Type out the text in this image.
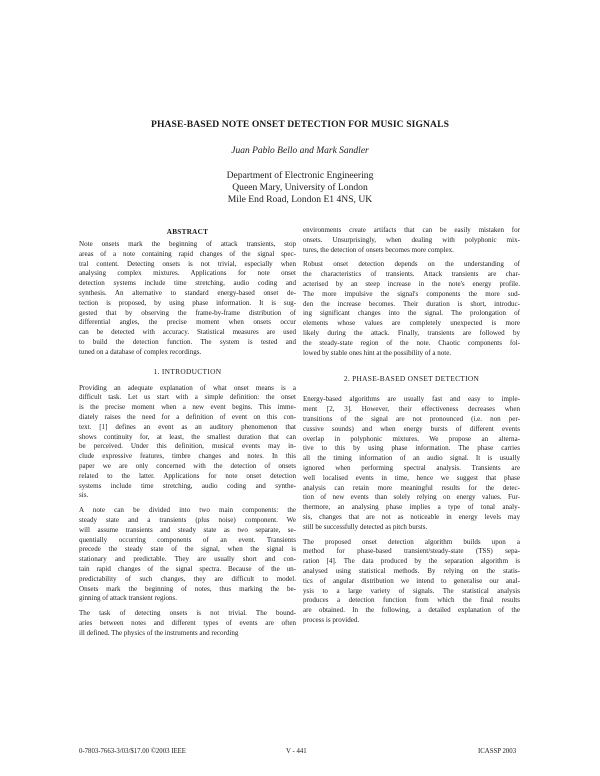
PHASE-BASED NOTE ONSET DETECTION FOR MUSIC SIGNALS
Juan Pablo Bello and Mark Sandler
Department of Electronic Engineering
Queen Mary, University of London
Mile End Road, London E1 4NS, UK
ABSTRACT

Note onsets mark the beginning of attack transients, stop
areas of a note containing rapid changes of the signal spec-
tral content. Detecting onsets is not trivial, especially when
analysing complex mixtures. Applications for note onset
detection systems include time stretching, audio coding and
synthesis. An alternative to standard energy-based onset de-
tection is proposed, by using phase information. It is sug-
gested that by observing the frame-by-frame distribution of
differential angles, the precise moment when onsets occur
can be detected with accuracy. Statistical measures are used
to build the detection function. The system is tested and
tuned on a database of complex recordings.

1. INTRODUCTION

Providing an adequate explanation of what onset means is a
difficult task. Let us start with a simple definition: the onset
is the precise moment when a new event begins. This imme-
diately raises the need for a definition of event on this con-
text. [1] defines an event as an auditory phenomenon that
shows continuity for, at least, the smallest duration that can
be perceived. Under this definition, musical events may in-
clude expressive features, timbre changes and notes. In this
paper we are only concerned with the detection of onsets
related to the latter. Applications for note onset detection
systems include time stretching, audio coding and synthe-
sis.

A note can be divided into two main components: the
steady state and a transients (plus noise) component. We
will assume transients and steady state as two separate, se-
quentially occurring components of an event. Transients
precede the steady state of the signal, when the signal is
stationary and predictable. They are usually short and con-
tain rapid changes of the signal spectra. Because of the un-
predictability of such changes, they are difficult to model.
Onsets mark the beginning of notes, thus marking the be-
ginning of attack transient regions.

The task of detecting onsets is not trivial. The bound-
aries between notes and different types of events are often
ill defined. The physics of the instruments and recording

environments create artifacts that can be easily mistaken for
onsets. Unsurprisingly, when dealing with polyphonic mix-
tures, the detection of onsets becomes more complex.

Robust onset detection depends on the understanding of
the characteristics of transients. Attack transients are char-
acterised by an steep increase in the note's energy profile.
The more impulsive the signal's components the more sud-
den the increase becomes. Their duration is short, introduc-
ing significant changes into the signal. The prolongation of
elements whose values are completely unexpected is more
likely during the attack. Finally, transients are followed by
the steady-state region of the note. Chaotic components fol-
lowed by stable ones hint at the possibility of a note.

2. PHASE-BASED ONSET DETECTION

Energy-based algorithms are usually fast and easy to imple-
ment [2, 3]. However, their effectiveness decreases when
transitions of the signal are not pronounced (i.e. non per-
cussive sounds) and when energy bursts of different events
overlap in polyphonic mixtures. We propose an alterna-
tive to this by using phase information. The phase carries
all the timing information of an audio signal. It is usually
ignored when performing spectral analysis. Transients are
well localised events in time, hence we suggest that phase
analysis can retain more meaningful results for the detec-
tion of new events than solely relying on energy values. Fur-
thermore, an analysing phase implies a type of tonal analy-
sis, changes that are not as noticeable in energy levels may
still be successfully detected as pitch bursts.

The proposed onset detection algorithm builds upon a
method for phase-based transient/steady-state (TSS) sepa-
ration [4]. The data produced by the separation algorithm is
analysed using statistical methods. By relying on the statis-
tics of angular distribution we intend to generalise our anal-
ysis to a large variety of signals. The statistical analysis
produces a detection function from which the final results
are obtained. In the following, a detailed explanation of the
process is provided.

0-7803-7663-3/03/$17.00 ©2003 IEEE	V - 441	ICASSP 2003
